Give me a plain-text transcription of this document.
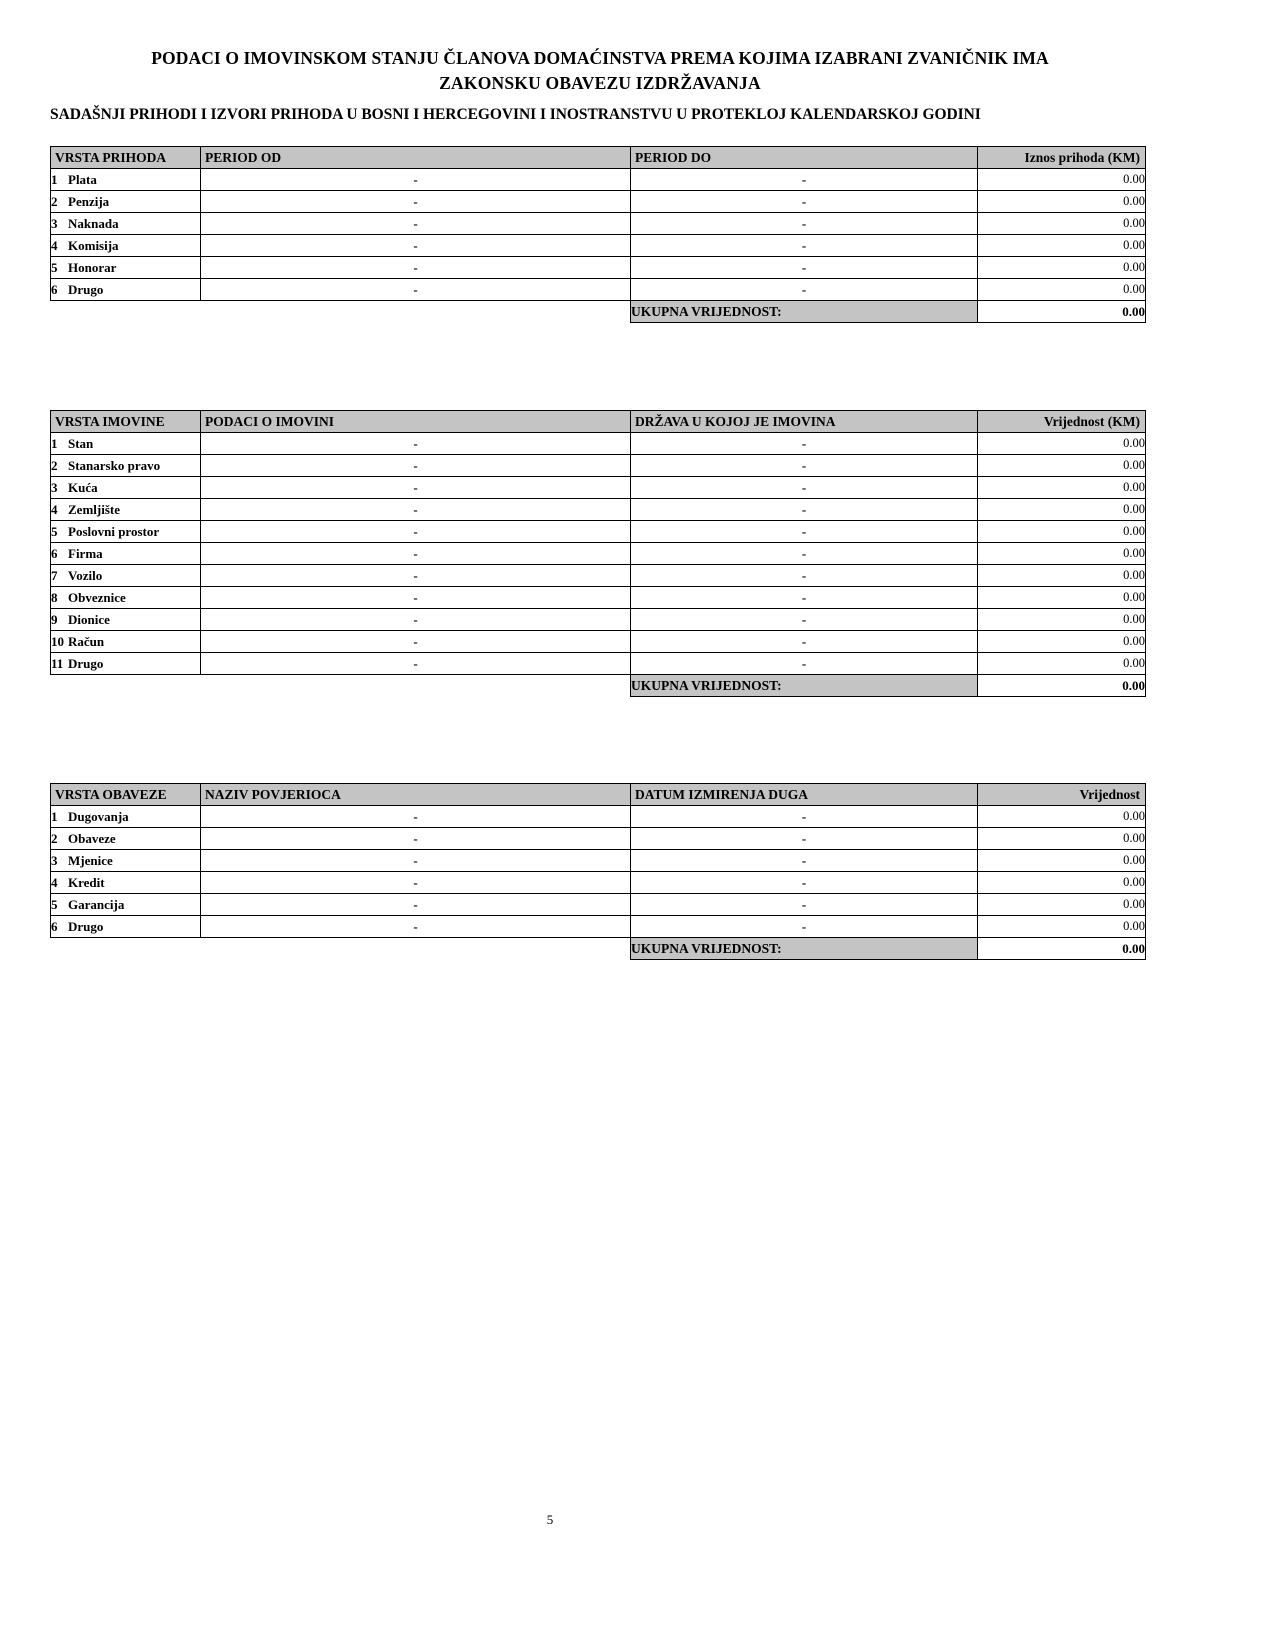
PODACI O IMOVINSKOM STANJU ČLANOVA DOMAĆINSTVA PREMA KOJIMA IZABRANI ZVANIČNIK IMA
ZAKONSKU OBAVEZU IZDRŽAVANJA
SADAŠNJI PRIHODI I IZVORI PRIHODA U BOSNI I HERCEGOVINI I INOSTRANSTVU U PROTEKLOJ KALENDARSKOJ GODINI
VRSTA PRIHODA	PERIOD OD	PERIOD DO	Iznos prihoda (KM)
1 Plata	-	-	0.00
2 Penzija	-	-	0.00
3 Naknada	-	-	0.00
4 Komisija	-	-	0.00
5 Honorar	-	-	0.00
6 Drugo	-	-	0.00
		UKUPNA VRIJEDNOST:	0.00
VRSTA IMOVINE	PODACI O IMOVINI	DRŽAVA U KOJOJ JE IMOVINA	Vrijednost (KM)
1 Stan	-	-	0.00
2 Stanarsko pravo	-	-	0.00
3 Kuća	-	-	0.00
4 Zemljište	-	-	0.00
5 Poslovni prostor	-	-	0.00
6 Firma	-	-	0.00
7 Vozilo	-	-	0.00
8 Obveznice	-	-	0.00
9 Dionice	-	-	0.00
10 Račun	-	-	0.00
11 Drugo	-	-	0.00
		UKUPNA VRIJEDNOST:	0.00
VRSTA OBAVEZE	NAZIV POVJERIOCA	DATUM IZMIRENJA DUGA	Vrijednost
1 Dugovanja	-	-	0.00
2 Obaveze	-	-	0.00
3 Mjenice	-	-	0.00
4 Kredit	-	-	0.00
5 Garancija	-	-	0.00
6 Drugo	-	-	0.00
		UKUPNA VRIJEDNOST:	0.00
5
